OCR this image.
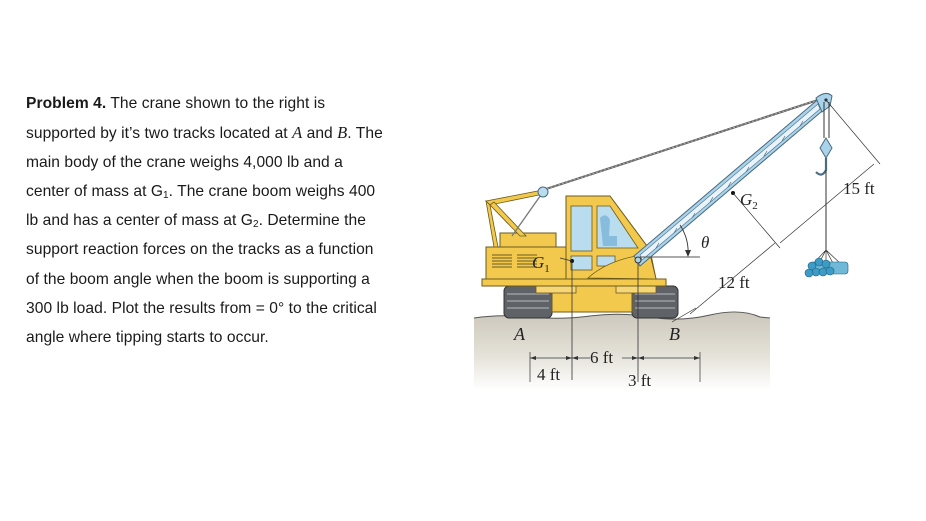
Problem 4. The crane shown to the right is
supported by it’s two tracks located at A and B. The
main body of the crane weighs 4,000 lb and a
center of mass at $G_1$. The crane boom weighs 400
lb and has a center of mass at $G_2$. Determine the
support reaction forces on the tracks as a function
of the boom angle when the boom is supporting a
300 lb load. Plot the results from = 0° to the critical
angle where tipping starts to occur.
$G_1$
θ
$G_2$
12 ft
15 ft
4 ft
6 ft
3 ft
A	B
